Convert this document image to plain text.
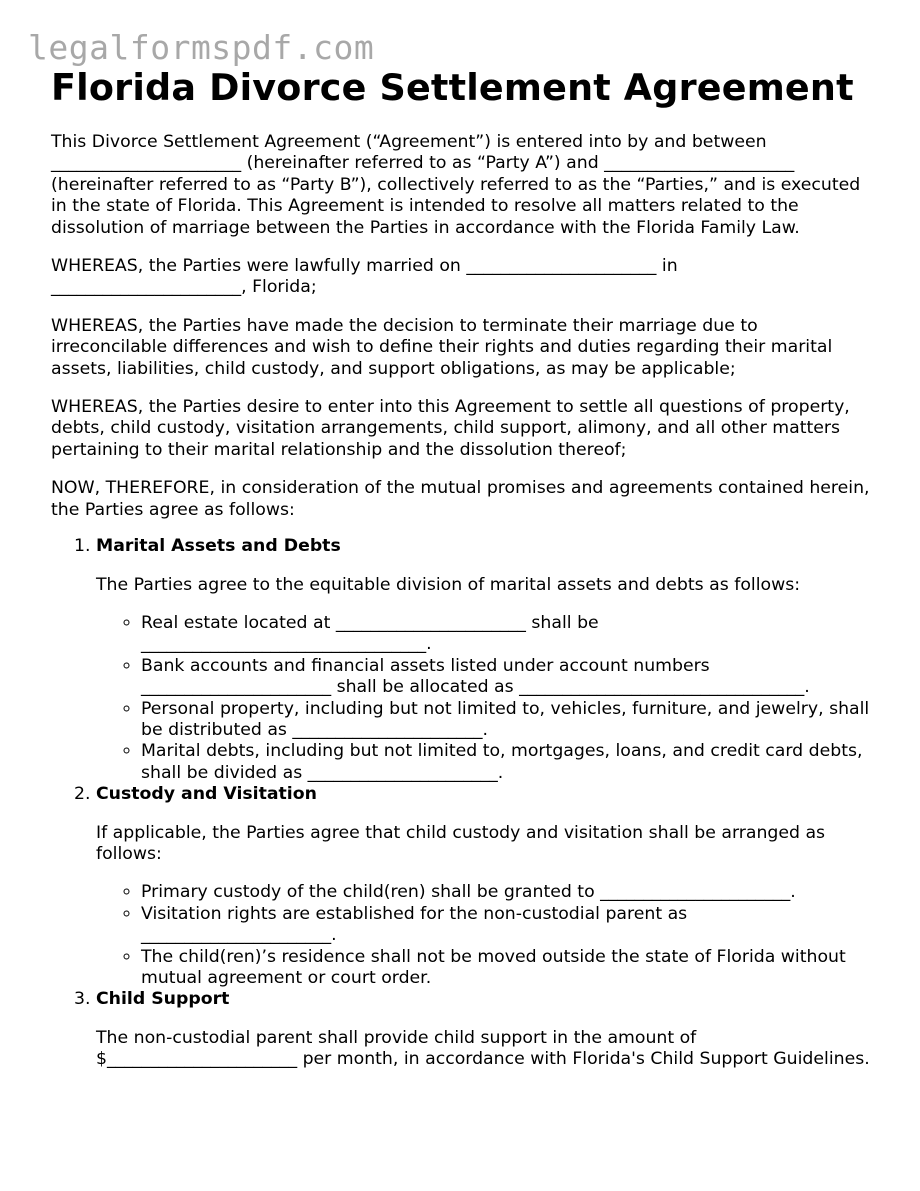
legalformspdf.com
Florida Divorce Settlement Agreement

This Divorce Settlement Agreement (“Agreement”) is entered into by and between ______________________ (hereinafter referred to as “Party A”) and ______________________ (hereinafter referred to as “Party B”), collectively referred to as the “Parties,” and is executed in the state of Florida. This Agreement is intended to resolve all matters related to the dissolution of marriage between the Parties in accordance with the Florida Family Law.

WHEREAS, the Parties were lawfully married on ______________________ in ______________________, Florida;

WHEREAS, the Parties have made the decision to terminate their marriage due to irreconcilable differences and wish to define their rights and duties regarding their marital assets, liabilities, child custody, and support obligations, as may be applicable;

WHEREAS, the Parties desire to enter into this Agreement to settle all questions of property, debts, child custody, visitation arrangements, child support, alimony, and all other matters pertaining to their marital relationship and the dissolution thereof;

NOW, THEREFORE, in consideration of the mutual promises and agreements contained herein, the Parties agree as follows:

1. Marital Assets and Debts

The Parties agree to the equitable division of marital assets and debts as follows:

◦ Real estate located at ______________________ shall be _________________________________.
◦ Bank accounts and financial assets listed under account numbers ______________________ shall be allocated as _________________________________.
◦ Personal property, including but not limited to, vehicles, furniture, and jewelry, shall be distributed as ______________________.
◦ Marital debts, including but not limited to, mortgages, loans, and credit card debts, shall be divided as ______________________.
2. Custody and Visitation

If applicable, the Parties agree that child custody and visitation shall be arranged as follows:

◦ Primary custody of the child(ren) shall be granted to ______________________.
◦ Visitation rights are established for the non-custodial parent as ______________________.
◦ The child(ren)’s residence shall not be moved outside the state of Florida without mutual agreement or court order.
3. Child Support

The non-custodial parent shall provide child support in the amount of $______________________ per month, in accordance with Florida's Child Support Guidelines.
